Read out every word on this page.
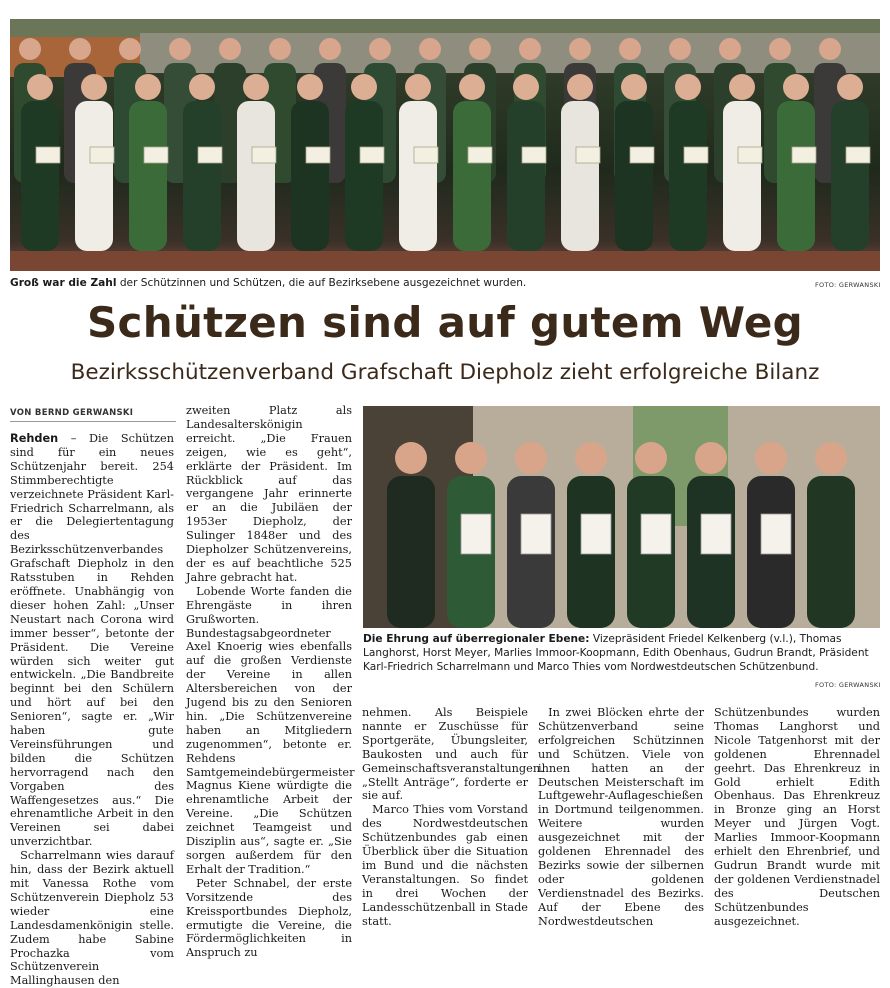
Groß war die Zahl der Schützinnen und Schützen, die auf Bezirksebene ausgezeichnet wurden.	FOTO: GERWANSKI
Schützen sind auf gutem Weg
Bezirksschützenverband Grafschaft Diepholz zieht erfolgreiche Bilanz
VON BERND GERWANSKI
Die Ehrung auf überregionaler Ebene: Vizepräsident Friedel Kelkenberg (v.l.), Thomas Langhorst, Horst Meyer, Marlies Immoor-Koopmann, Edith Obenhaus, Gudrun Brandt, Präsident Karl-Friedrich Scharrelmann und Marco Thies vom Nordwestdeutschen Schützenbund.
FOTO: GERWANSKI

Rehden – Die Schützen sind für ein neues Schützenjahr bereit. 254 Stimmberechtigte verzeichnete Präsident Karl-Friedrich Scharrelmann, als er die Delegiertentagung des Bezirksschützenverbandes Grafschaft Diepholz in den Ratsstuben in Rehden eröffnete. Unabhängig von dieser hohen Zahl: „Unser Neustart nach Corona wird immer besser“, betonte der Präsident. Die Vereine würden sich weiter gut entwickeln. „Die Bandbreite beginnt bei den Schülern und hört auf bei den Senioren“, sagte er. „Wir haben gute Vereinsführungen und bilden die Schützen hervorragend nach den Vorgaben des Waffengesetzes aus.“ Die ehrenamtliche Arbeit in den Vereinen sei dabei unverzichtbar.

Scharrelmann wies darauf hin, dass der Bezirk aktuell mit Vanessa Rothe vom Schützenverein Diepholz 53 wieder eine Landesdamenkönigin stelle. Zudem habe Sabine Prochazka vom Schützenverein Mallinghausen den

zweiten Platz als Landesalterskönigin erreicht. „Die Frauen zeigen, wie es geht“, erklärte der Präsident. Im Rückblick auf das vergangene Jahr erinnerte er an die Jubiläen der 1953er Diepholz, der Sulinger 1848er und des Diepholzer Schützenvereins, der es auf beachtliche 525 Jahre gebracht hat.

Lobende Worte fanden die Ehrengäste in ihren Grußworten. Bundestagsabgeordneter Axel Knoerig wies ebenfalls auf die großen Verdienste der Vereine in allen Altersbereichen von der Jugend bis zu den Senioren hin. „Die Schützenvereine haben an Mitgliedern zugenommen“, betonte er. Rehdens Samtgemeindebürgermeister Magnus Kiene würdigte die ehrenamtliche Arbeit der Vereine. „Die Schützen zeichnet Teamgeist und Disziplin aus“, sagte er. „Sie sorgen außerdem für den Erhalt der Tradition.“

Peter Schnabel, der erste Vorsitzende des Kreissportbundes Diepholz, ermutigte die Vereine, die Fördermöglichkeiten in Anspruch zu

nehmen. Als Beispiele nannte er Zuschüsse für Sportgeräte, Übungsleiter, Baukosten und auch für Gemeinschaftsveranstaltungen. „Stellt Anträge“, forderte er sie auf.

Marco Thies vom Vorstand des Nordwestdeutschen Schützenbundes gab einen Überblick über die Situation im Bund und die nächsten Veranstaltungen. So findet in drei Wochen der Landesschützenball in Stade statt.

In zwei Blöcken ehrte der Schützenverband seine erfolgreichen Schützinnen und Schützen. Viele von ihnen hatten an der Deutschen Meisterschaft im Luftgewehr-Auflageschießen in Dortmund teilgenommen. Weitere wurden ausgezeichnet mit der goldenen Ehrennadel des Bezirks sowie der silbernen oder goldenen Verdienstnadel des Bezirks. Auf der Ebene des Nordwestdeutschen

Schützenbundes wurden Thomas Langhorst und Nicole Tatgenhorst mit der goldenen Ehrennadel geehrt. Das Ehrenkreuz in Gold erhielt Edith Obenhaus. Das Ehrenkreuz in Bronze ging an Horst Meyer und Jürgen Vogt. Marlies Immoor-Koopmann erhielt den Ehrenbrief, und Gudrun Brandt wurde mit der goldenen Verdienstnadel des Deutschen Schützenbundes ausgezeichnet.
